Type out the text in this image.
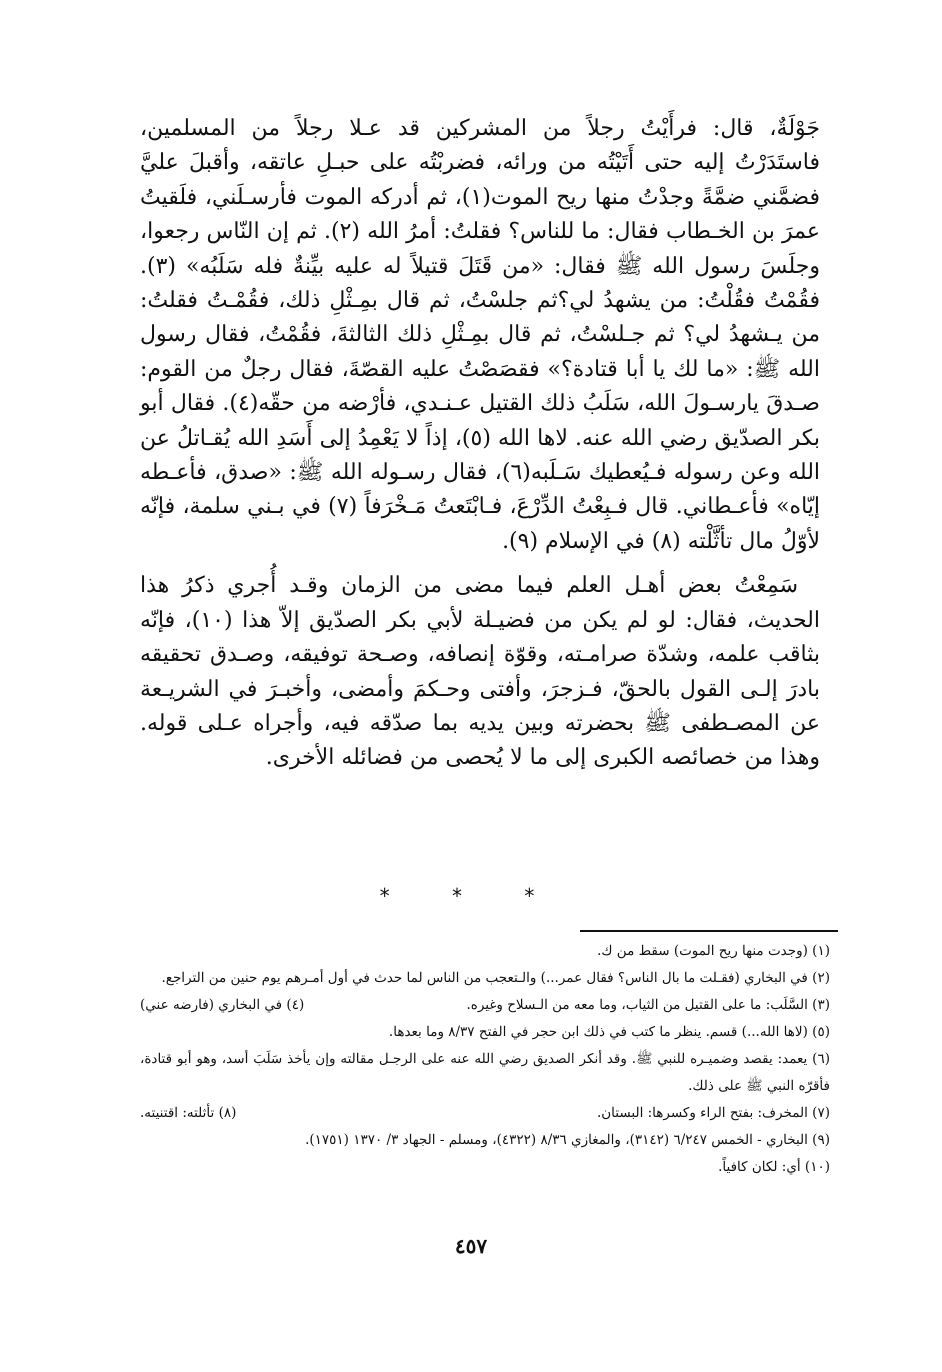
جَوْلَةٌ، قال: فرأَيْتُ رجلاً من المشركين قد عـلا رجلاً من المسلمين، فاستَدَرْتُ إليه حتى أَتَيْتُه من ورائه، فضربْتُه على حبـلِ عاتقه، وأقبلَ عليَّ فضمَّني ضمَّةً وجدْتُ منها ريح الموت(١)، ثم أدركه الموت فأرسـلَني، فلَقيتُ عمرَ بن الخـطاب فقال: ما للناس؟ فقلتُ: أمرُ الله (٢). ثم إن النّاس رجعوا، وجلَسَ رسول الله ﷺ فقال: «من قَتَلَ قتيلاً له عليه بيِّنةٌ فله سَلَبُه» (٣). فقُمْتُ فقُلْتُ: من يشهدُ لي؟ثم جلسْتُ، ثم قال بمِـثْلِ ذلك، فقُمْـتُ فقلتُ: من يـشهدُ لي؟ ثم جـلسْتُ، ثم قال بمِـثْلِ ذلك الثالثةَ، فقُمْتُ، فقال رسول الله ﷺ: «ما لك يا أبا قتادة؟» فقصَصْتُ عليه القصّةَ، فقال رجلٌ من القوم: صـدقَ يارسـولَ الله، سَلَبُ ذلك القتيل عـنـدي، فأرْضه من حقّه(٤). فقال أبو بكر الصدّيق رضي الله عنه. لاها الله (٥)، إذاً لا يَعْمِدُ إلى أَسَدِ الله يُقـاتلُ عن الله وعن رسوله فـيُعطيك سَـلَبه(٦)، فقال رسـوله الله ﷺ: «صدق، فأعـطه إيّاه» فأعـطاني. قال فـبِعْتُ الدِّرْعَ، فـابْتَعتُ مَـخْرَفاً (٧) في بـني سلمة، فإنّه لأوّلُ مال تأثَّلْته (٨) في الإسلام (٩).

سَمِعْتُ بعض أهـل العلم فيما مضى من الزمان وقـد أُجري ذكرُ هذا الحديث، فقال: لو لم يكن من فضيـلة لأبي بكر الصدّيق إلاّ هذا (١٠)، فإنّه بثاقب علمه، وشدّة صرامـته، وقوّة إنصافه، وصـحة توفيقه، وصـدق تحقيقه بادرَ إلـى القول بالحقّ، فـزجرَ، وأفتى وحـكمَ وأمضى، وأخبـرَ في الشريـعة عن المصـطفى ﷺ بحضرته وبين يديه بما صدّقه فيه، وأجراه عـلى قوله. وهذا من خصائصه الكبرى إلى ما لا يُحصى من فضائله الأخرى.

* * *

(١) (وجدت منها ريح الموت) سقط من ك.

(٢) في البخاري (فقـلت ما بال الناس؟ فقال عمر...) والـتعجب من الناس لما حدث في أول أمـرهم يوم حنين من التراجع.

(٣) السَّلَب: ما على القتيل من الثياب، وما معه من الـسلاح وغيره.
(٤) في البخاري (فارضه عني)

(٥) (لاها الله...) قسم. ينظر ما كتب في ذلك ابن حجر في الفتح ٨/٣٧ وما بعدها.

(٦) يعمد: يقصد وضميـره للنبي ﷺ. وقد أنكر الصديق رضي الله عنه على الرجـل مقالته وإن يأخذ سَلَبَ أسد، وهو أبو قتادة، فأقرّه النبي ﷺ على ذلك.

(٧) المخرف: بفتح الراء وكسرها: البستان.
(٨) تأثلته: اقتنيته.

(٩) البخاري - الخمس ٦/٢٤٧ (٣١٤٢)، والمغازي ٨/٣٦ (٤٣٢٢)، ومسلم - الجهاد ٣/ ١٣٧٠ (١٧٥١).

(١٠) أي: لكان كافياً.

٤٥٧
